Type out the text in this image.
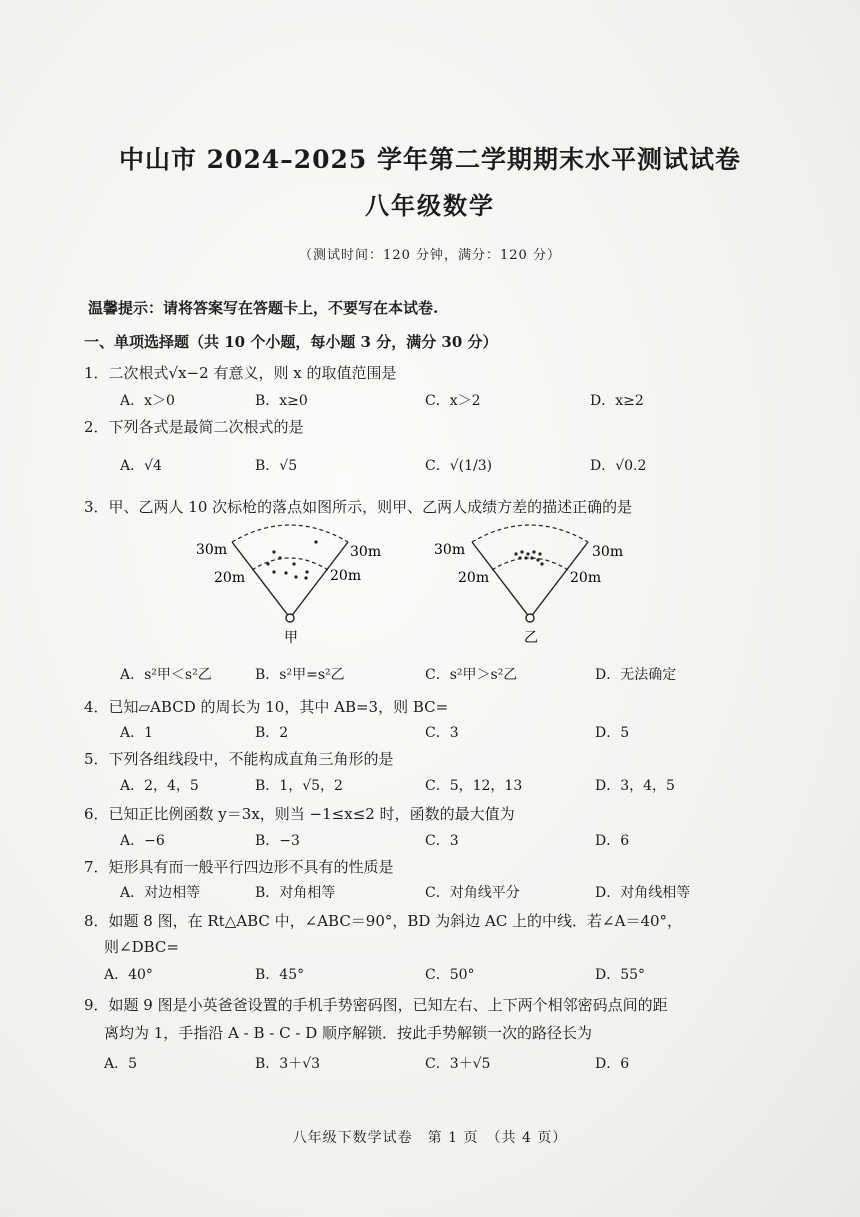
中山市 2024–2025 学年第二学期期末水平测试试卷
八年级数学
（测试时间：120 分钟，满分：120 分）
温馨提示：请将答案写在答题卡上，不要写在本试卷.
一、单项选择题（共 10 个小题，每小题 3 分，满分 30 分）
1．二次根式√x−2 有意义，则 x 的取值范围是
A．x＞0	B．x≥0	C．x＞2	D．x≥2
2．下列各式是最简二次根式的是
A．√4	B．√5	C．√(1/3)	D．√0.2
3．甲、乙两人 10 次标枪的落点如图所示，则甲、乙两人成绩方差的描述正确的是
30m	30m
20m	20m
甲
30m	30m
20m	20m
乙
A．s²甲＜s²乙	B．s²甲=s²乙	C．s²甲＞s²乙	D．无法确定
4．已知▱ABCD 的周长为 10，其中 AB=3，则 BC=
A．1	B．2	C．3	D．5
5．下列各组线段中，不能构成直角三角形的是
A．2，4，5	B．1，√5，2	C．5，12，13	D．3，4，5
6．已知正比例函数 y＝3x，则当 −1≤x≤2 时，函数的最大值为
A．−6	B．−3	C．3	D．6
7．矩形具有而一般平行四边形不具有的性质是
A．对边相等	B．对角相等	C．对角线平分	D．对角线相等
8．如题 8 图，在 Rt△ABC 中，∠ABC＝90°，BD 为斜边 AC 上的中线．若∠A＝40°，
则∠DBC=
A．40°	B．45°	C．50°	D．55°
9．如题 9 图是小英爸爸设置的手机手势密码图，已知左右、上下两个相邻密码点间的距
离均为 1，手指沿 A - B - C - D 顺序解锁．按此手势解锁一次的路径长为
A．5	B．3＋√3	C．3＋√5	D．6
八年级下数学试卷　第 1 页　（共 4 页）
